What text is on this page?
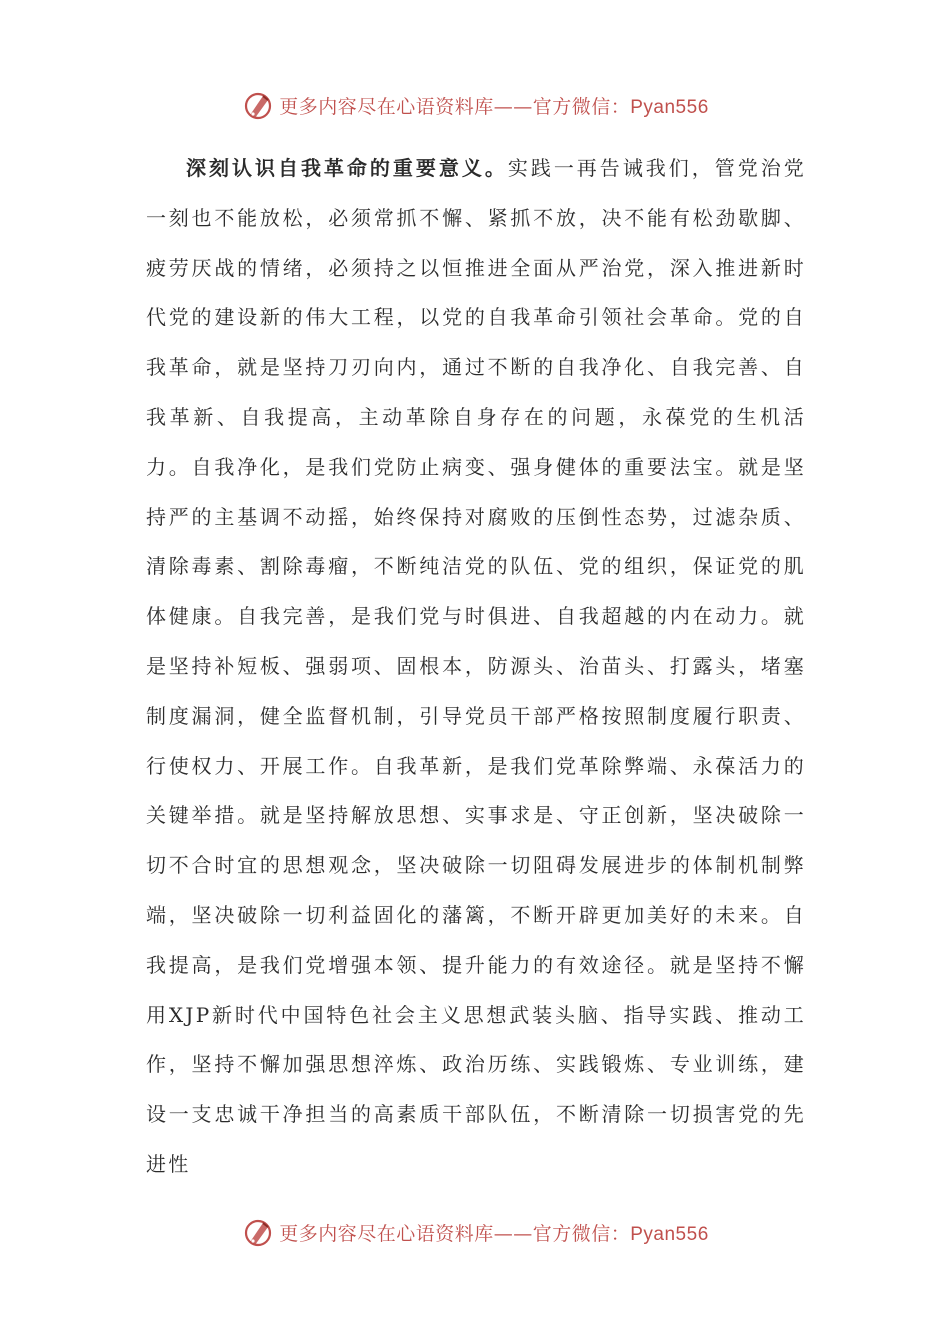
更多内容尽在心语资料库——官方微信：Pyan556
深刻认识自我革命的重要意义。实践一再告诫我们，管党治党一刻也不能放松，必须常抓不懈、紧抓不放，决不能有松劲歇脚、疲劳厌战的情绪，必须持之以恒推进全面从严治党，深入推进新时代党的建设新的伟大工程，以党的自我革命引领社会革命。党的自我革命，就是坚持刀刃向内，通过不断的自我净化、自我完善、自我革新、自我提高，主动革除自身存在的问题，永葆党的生机活力。自我净化，是我们党防止病变、强身健体的重要法宝。就是坚持严的主基调不动摇，始终保持对腐败的压倒性态势，过滤杂质、清除毒素、割除毒瘤，不断纯洁党的队伍、党的组织，保证党的肌体健康。自我完善，是我们党与时俱进、自我超越的内在动力。就是坚持补短板、强弱项、固根本，防源头、治苗头、打露头，堵塞制度漏洞，健全监督机制，引导党员干部严格按照制度履行职责、行使权力、开展工作。自我革新，是我们党革除弊端、永葆活力的关键举措。就是坚持解放思想、实事求是、守正创新，坚决破除一切不合时宜的思想观念，坚决破除一切阻碍发展进步的体制机制弊端，坚决破除一切利益固化的藩篱，不断开辟更加美好的未来。自我提高，是我们党增强本领、提升能力的有效途径。就是坚持不懈用XJP新时代中国特色社会主义思想武装头脑、指导实践、推动工作，坚持不懈加强思想淬炼、政治历练、实践锻炼、专业训练，建设一支忠诚干净担当的高素质干部队伍，不断清除一切损害党的先进性
更多内容尽在心语资料库——官方微信：Pyan556
